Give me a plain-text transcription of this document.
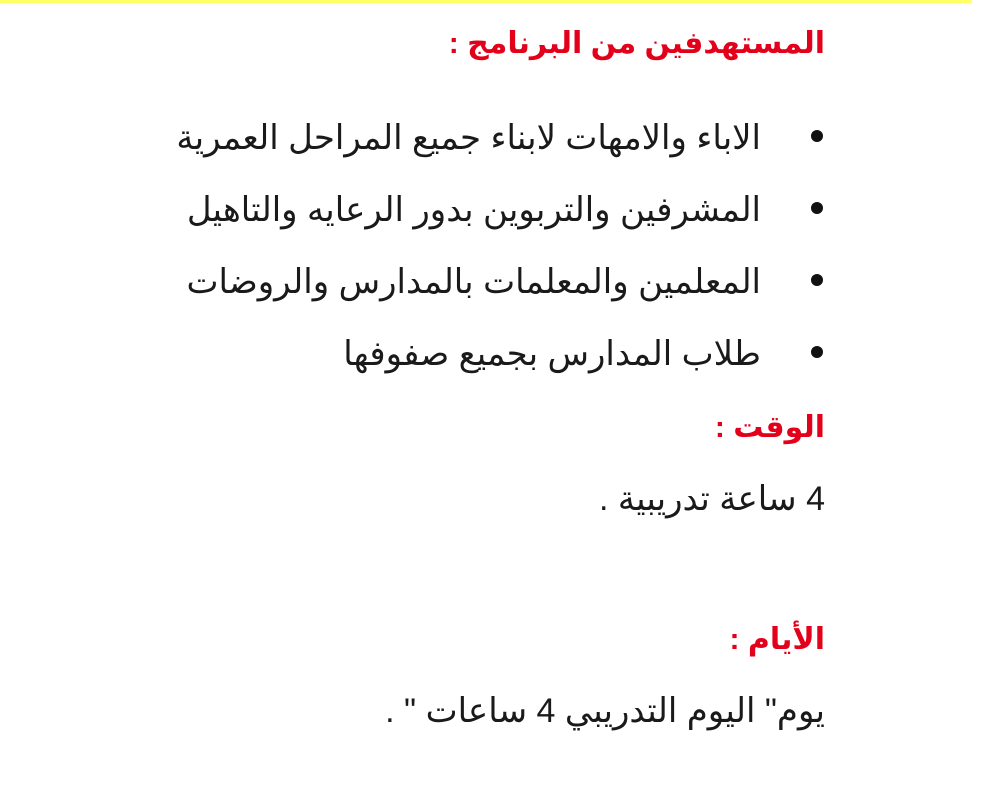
المستهدفين من البرنامج :
الاباء والامهات لابناء جميع المراحل العمرية
المشرفين والتربوين بدور الرعايه والتاهيل
المعلمين والمعلمات بالمدارس والروضات
طلاب المدارس بجميع صفوفها
الوقت :

4 ساعة تدريبية .

الأيام :

يوم" اليوم التدريبي 4 ساعات " .
